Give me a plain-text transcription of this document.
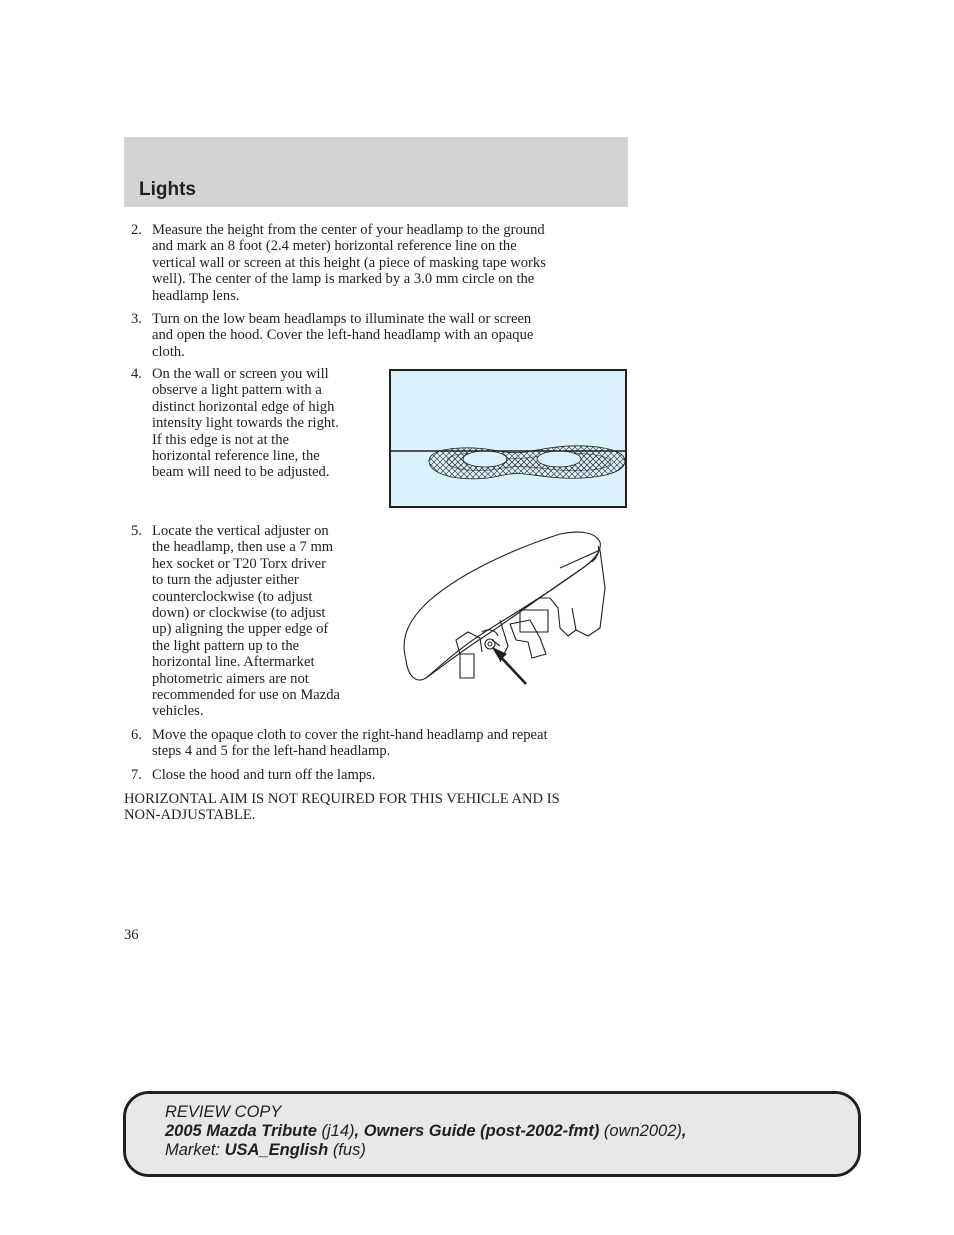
Lights
2. Measure the height from the center of your headlamp to the ground
and mark an 8 foot (2.4 meter) horizontal reference line on the
vertical wall or screen at this height (a piece of masking tape works
well). The center of the lamp is marked by a 3.0 mm circle on the
headlamp lens.
3. Turn on the low beam headlamps to illuminate the wall or screen
and open the hood. Cover the left-hand headlamp with an opaque
cloth.
4. On the wall or screen you will
observe a light pattern with a
distinct horizontal edge of high
intensity light towards the right.
If this edge is not at the
horizontal reference line, the
beam will need to be adjusted.
5. Locate the vertical adjuster on
the headlamp, then use a 7 mm
hex socket or T20 Torx driver
to turn the adjuster either
counterclockwise (to adjust
down) or clockwise (to adjust
up) aligning the upper edge of
the light pattern up to the
horizontal line. Aftermarket
photometric aimers are not
recommended for use on Mazda
vehicles.
6. Move the opaque cloth to cover the right-hand headlamp and repeat
steps 4 and 5 for the left-hand headlamp.
7. Close the hood and turn off the lamps.
HORIZONTAL AIM IS NOT REQUIRED FOR THIS VEHICLE AND IS
NON-ADJUSTABLE.
36
REVIEW COPY
2005 Mazda Tribute (j14), Owners Guide (post-2002-fmt) (own2002),
Market: USA_English (fus)
